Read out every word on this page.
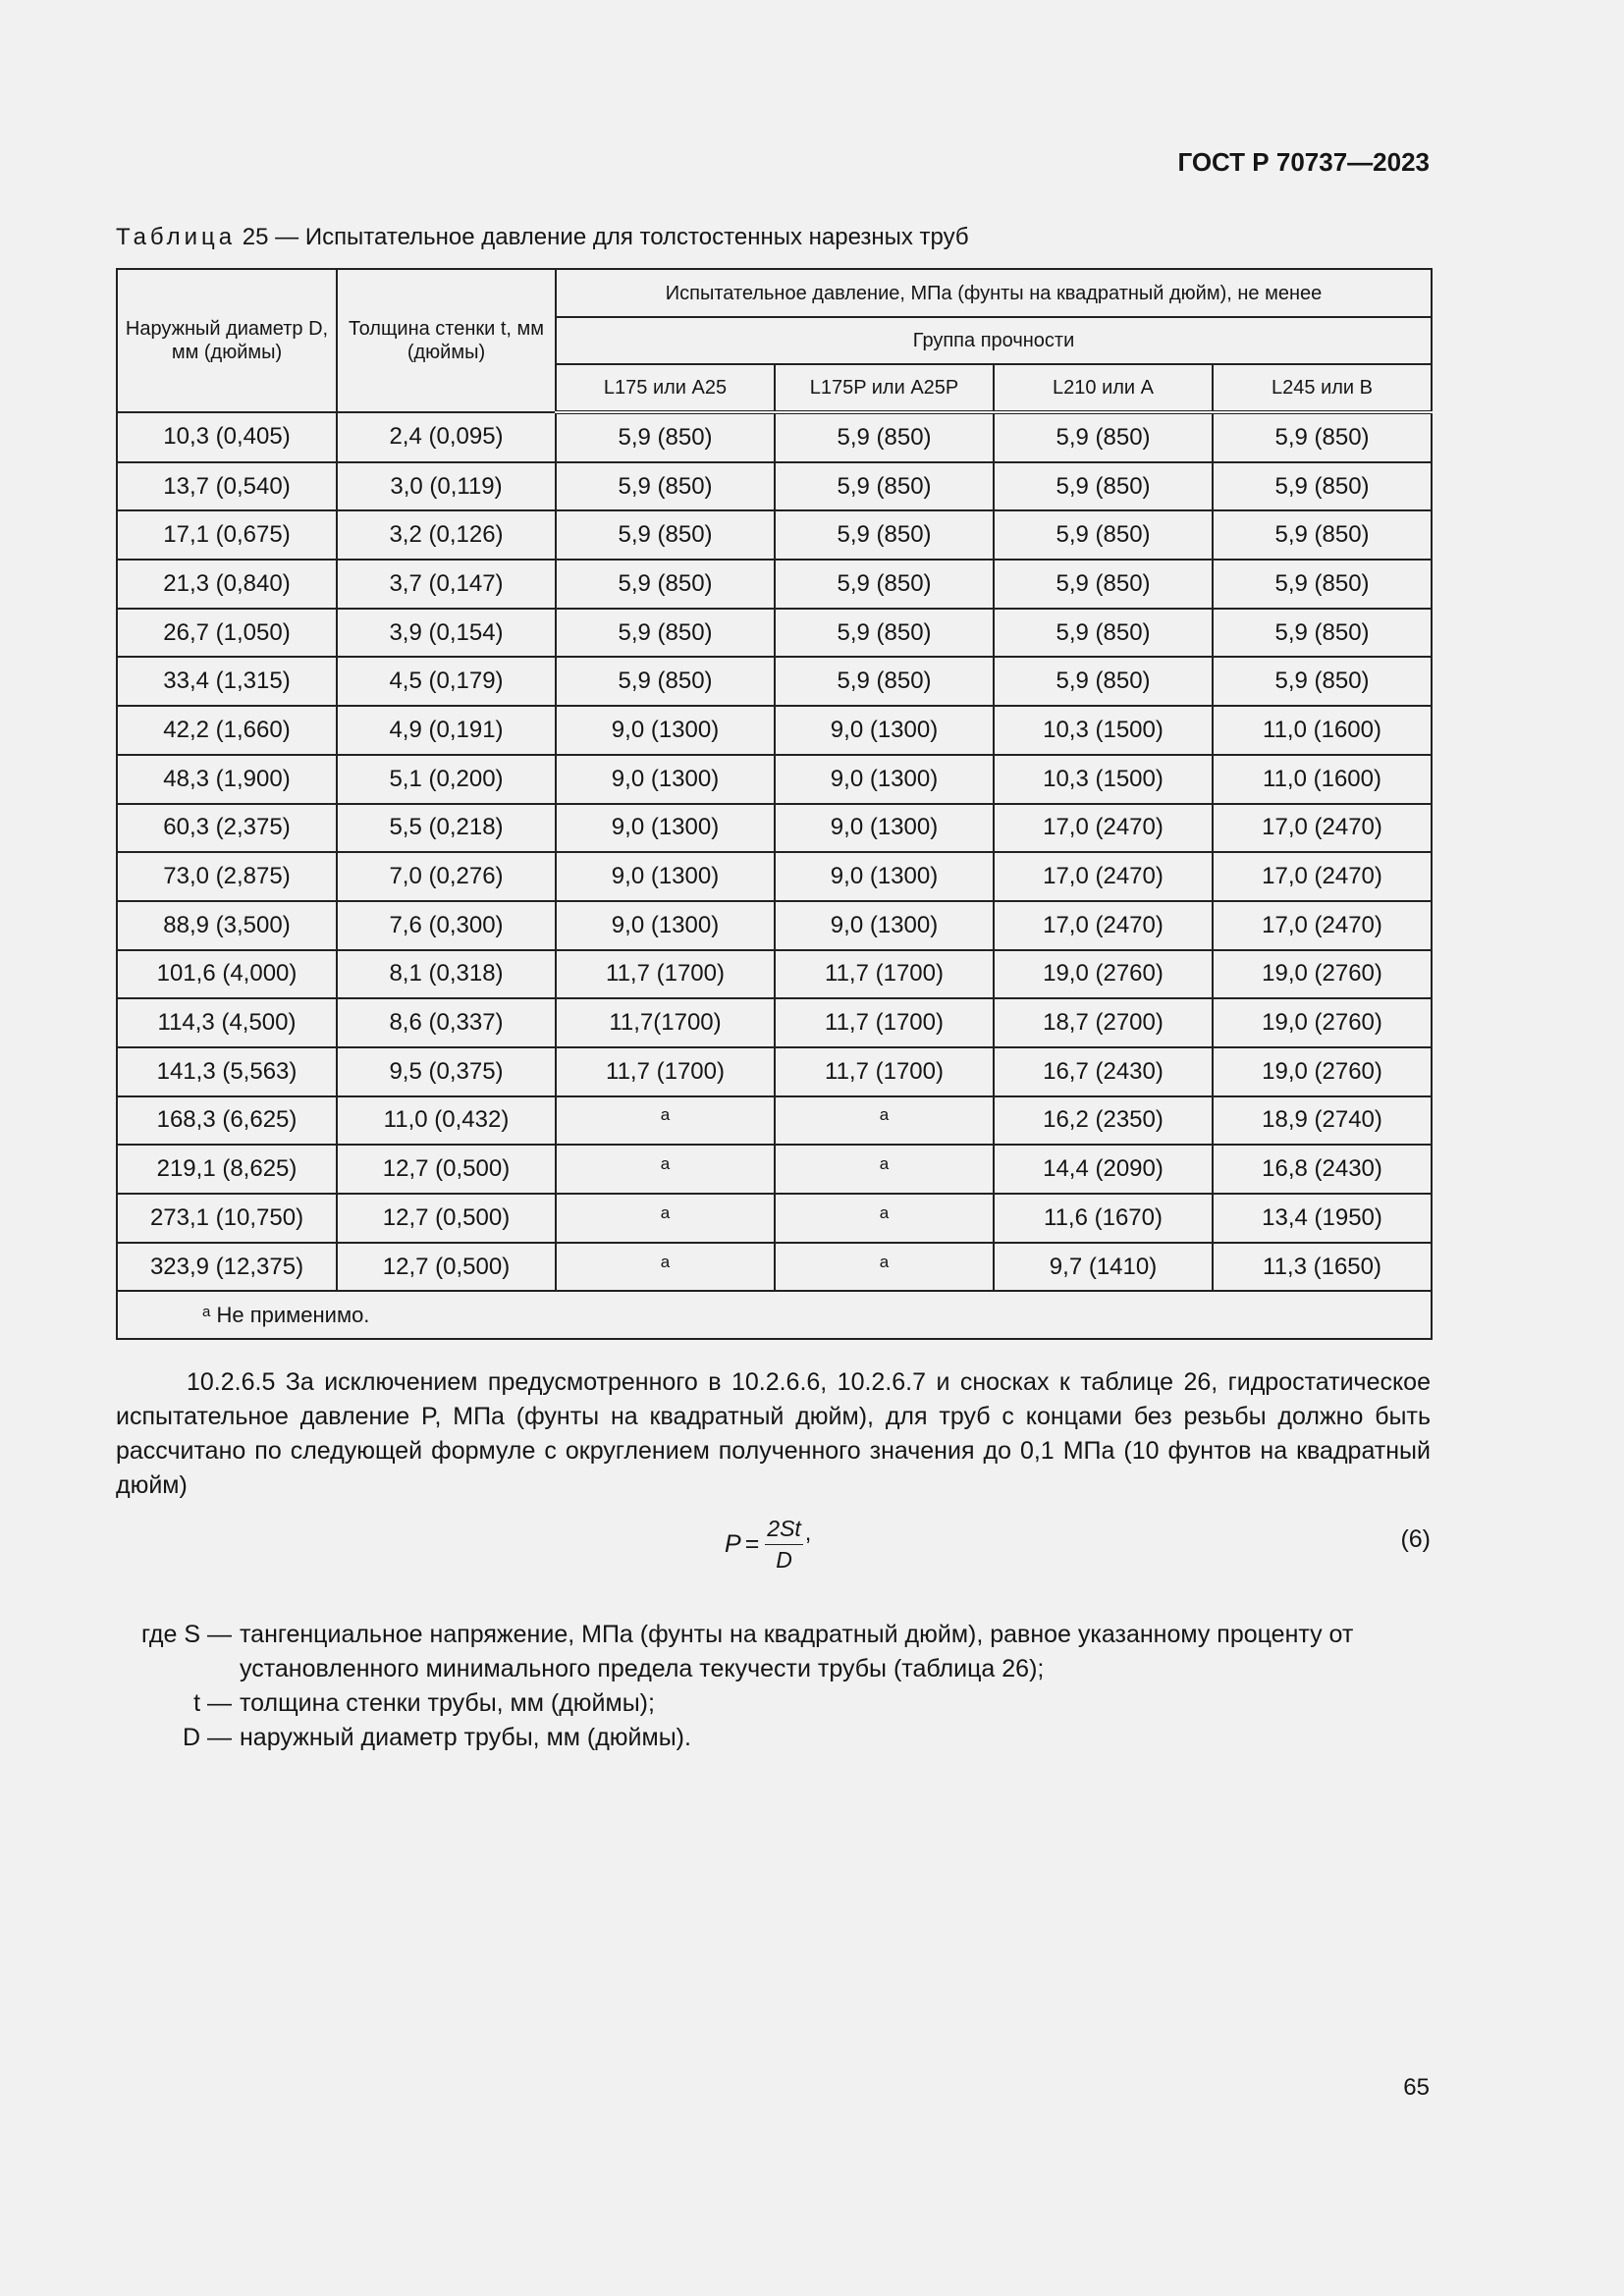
ГОСТ Р 70737—2023
Таблица 25 — Испытательное давление для толстостенных нарезных труб
Наружный диаметр D, мм (дюймы)	Толщина стенки t, мм (дюймы)	Испытательное давление, МПа (фунты на квадратный дюйм), не менее			
		Группа прочности			
		L175 или A25	L175P или A25P	L210 или A	L245 или B
10,3 (0,405)	2,4 (0,095)	5,9 (850)	5,9 (850)	5,9 (850)	5,9 (850)
13,7 (0,540)	3,0 (0,119)	5,9 (850)	5,9 (850)	5,9 (850)	5,9 (850)
17,1 (0,675)	3,2 (0,126)	5,9 (850)	5,9 (850)	5,9 (850)	5,9 (850)
21,3 (0,840)	3,7 (0,147)	5,9 (850)	5,9 (850)	5,9 (850)	5,9 (850)
26,7 (1,050)	3,9 (0,154)	5,9 (850)	5,9 (850)	5,9 (850)	5,9 (850)
33,4 (1,315)	4,5 (0,179)	5,9 (850)	5,9 (850)	5,9 (850)	5,9 (850)
42,2 (1,660)	4,9 (0,191)	9,0 (1300)	9,0 (1300)	10,3 (1500)	11,0 (1600)
48,3 (1,900)	5,1 (0,200)	9,0 (1300)	9,0 (1300)	10,3 (1500)	11,0 (1600)
60,3 (2,375)	5,5 (0,218)	9,0 (1300)	9,0 (1300)	17,0 (2470)	17,0 (2470)
73,0 (2,875)	7,0 (0,276)	9,0 (1300)	9,0 (1300)	17,0 (2470)	17,0 (2470)
88,9 (3,500)	7,6 (0,300)	9,0 (1300)	9,0 (1300)	17,0 (2470)	17,0 (2470)
101,6 (4,000)	8,1 (0,318)	11,7 (1700)	11,7 (1700)	19,0 (2760)	19,0 (2760)
114,3 (4,500)	8,6 (0,337)	11,7(1700)	11,7 (1700)	18,7 (2700)	19,0 (2760)
141,3 (5,563)	9,5 (0,375)	11,7 (1700)	11,7 (1700)	16,7 (2430)	19,0 (2760)
168,3 (6,625)	11,0 (0,432)	$^a$	$^a$	16,2 (2350)	18,9 (2740)
219,1 (8,625)	12,7 (0,500)	$^a$	$^a$	14,4 (2090)	16,8 (2430)
273,1 (10,750)	12,7 (0,500)	$^a$	$^a$	11,6 (1670)	13,4 (1950)
323,9 (12,375)	12,7 (0,500)	$^a$	$^a$	9,7 (1410)	11,3 (1650)
$^a$ Не применимо.					
10.2.6.5 За исключением предусмотренного в 10.2.6.6, 10.2.6.7 и сносках к таблице 26, гидростатическое испытательное давление P, МПа (фунты на квадратный дюйм), для труб с концами без резьбы должно быть рассчитано по следующей формуле с округлением полученного значения до 0,1 МПа (10 фунтов на квадратный дюйм)
$P = \frac{2St}{D}$ ,	(6)
где S — тангенциальное напряжение, МПа (фунты на квадратный дюйм), равное указанному проценту от установленного минимального предела текучести трубы (таблица 26);
t — толщина стенки трубы, мм (дюймы);
D — наружный диаметр трубы, мм (дюймы).
65
